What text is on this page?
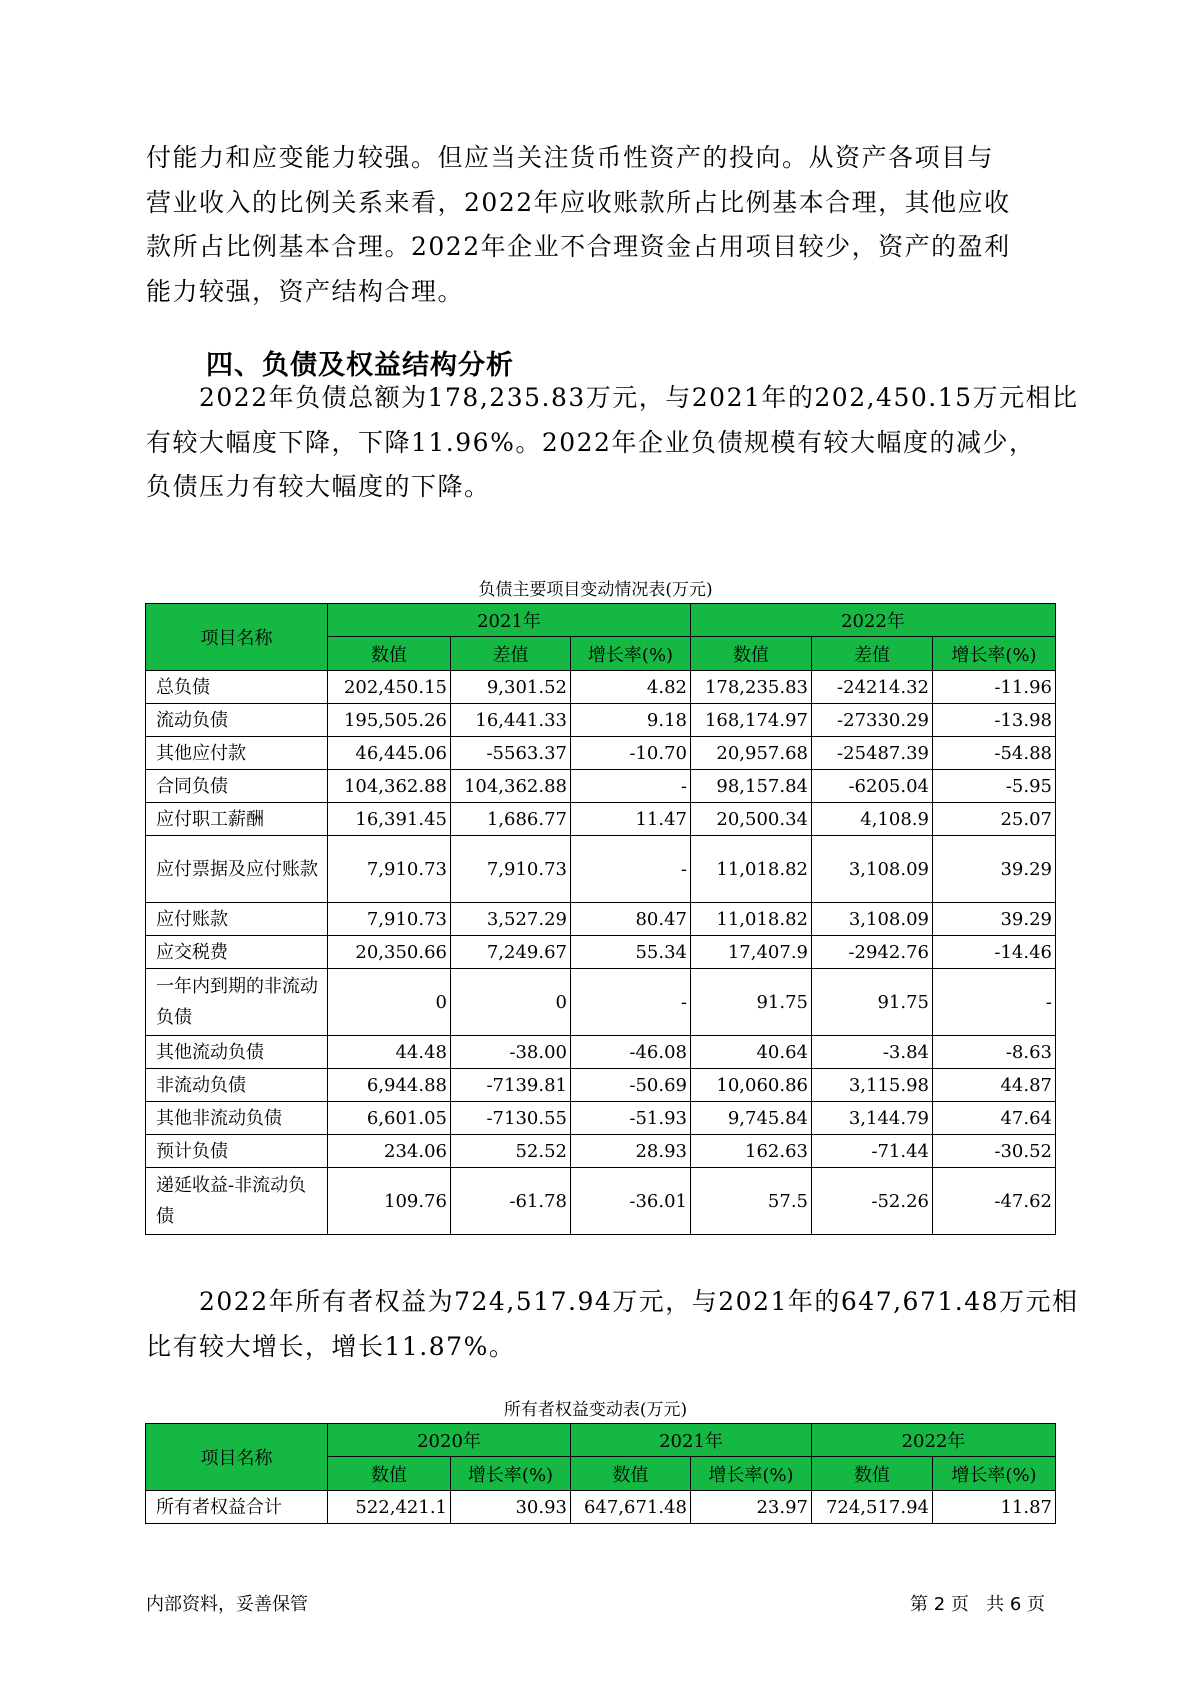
付能力和应变能力较强。但应当关注货币性资产的投向。从资产各项目与
营业收入的比例关系来看，2022年应收账款所占比例基本合理，其他应收
款所占比例基本合理。2022年企业不合理资金占用项目较少，资产的盈利
能力较强，资产结构合理。
四、负债及权益结构分析
　　2022年负债总额为178,235.83万元，与2021年的202,450.15万元相比
有较大幅度下降，下降11.96%。2022年企业负债规模有较大幅度的减少，
负债压力有较大幅度的下降。

负债主要项目变动情况表(万元)

项目名称	2021年			2022年		
	数值	差值	增长率(%)	数值	差值	增长率(%)
总负债	202,450.15	9,301.52	4.82	178,235.83	-24214.32	-11.96
流动负债	195,505.26	16,441.33	9.18	168,174.97	-27330.29	-13.98
其他应付款	46,445.06	-5563.37	-10.70	20,957.68	-25487.39	-54.88
合同负债	104,362.88	104,362.88	-	98,157.84	-6205.04	-5.95
应付职工薪酬	16,391.45	1,686.77	11.47	20,500.34	4,108.9	25.07
应付票据及应付账款	7,910.73	7,910.73	-	11,018.82	3,108.09	39.29
应付账款	7,910.73	3,527.29	80.47	11,018.82	3,108.09	39.29
应交税费	20,350.66	7,249.67	55.34	17,407.9	-2942.76	-14.46
一年内到期的非流动负债	0	0	-	91.75	91.75	-
其他流动负债	44.48	-38.00	-46.08	40.64	-3.84	-8.63
非流动负债	6,944.88	-7139.81	-50.69	10,060.86	3,115.98	44.87
其他非流动负债	6,601.05	-7130.55	-51.93	9,745.84	3,144.79	47.64
预计负债	234.06	52.52	28.93	162.63	-71.44	-30.52
递延收益-非流动负债	109.76	-61.78	-36.01	57.5	-52.26	-47.62
　　2022年所有者权益为724,517.94万元，与2021年的647,671.48万元相
比有较大增长，增长11.87%。

所有者权益变动表(万元)

项目名称	2020年		2021年		2022年	
	数值	增长率(%)	数值	增长率(%)	数值	增长率(%)
所有者权益合计	522,421.1	30.93	647,671.48	23.97	724,517.94	11.87
内部资料，妥善保管	第 2 页   共 6 页
